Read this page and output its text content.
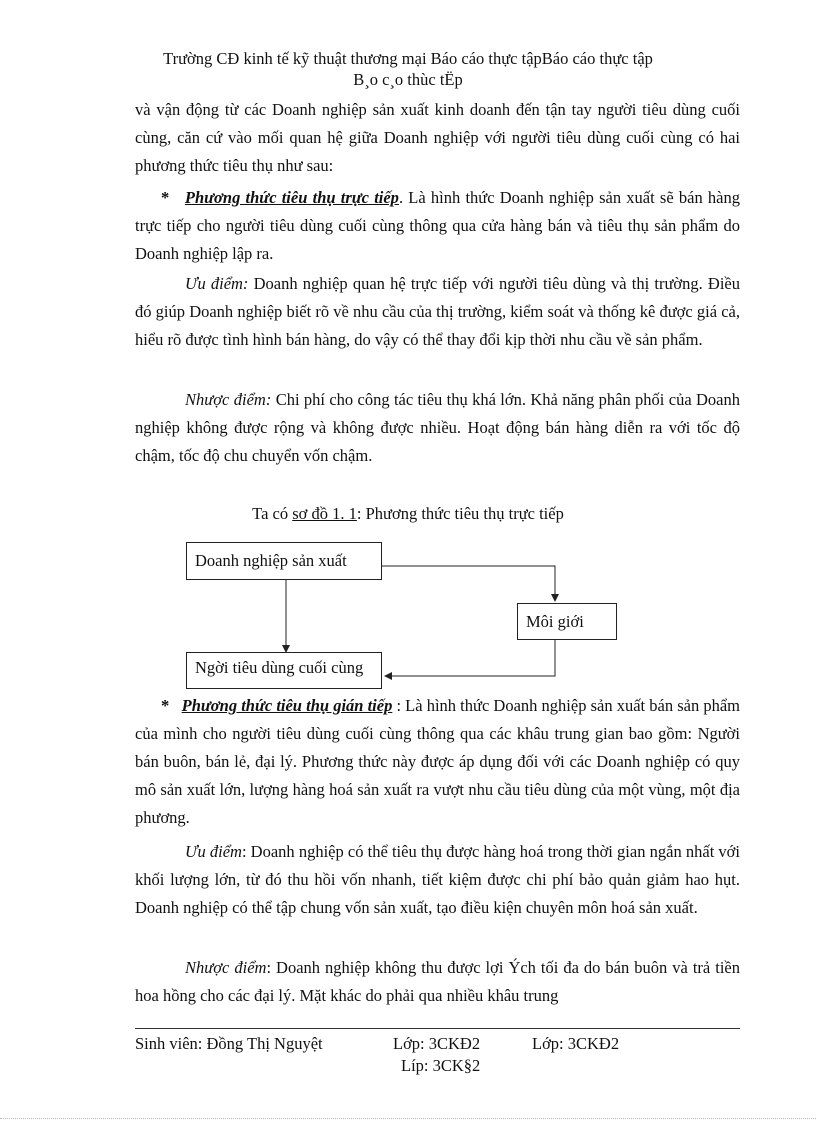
Trường CĐ kinh tế kỹ thuật thương mại Báo cáo thực tậpBáo cáo thực tập
B¸o c¸o thùc tËp

và vận động từ các Doanh nghiệp sản xuất kinh doanh đến tận tay người tiêu dùng cuối cùng, căn cứ vào mối quan hệ giữa Doanh nghiệp với người tiêu dùng cuối cùng có hai phương thức tiêu thụ như sau:

* Phương thức tiêu thụ trực tiếp. Là hình thức Doanh nghiệp sản xuất sẽ bán hàng trực tiếp cho người tiêu dùng cuối cùng thông qua cửa hàng bán và tiêu thụ sản phẩm do Doanh nghiệp lập ra.

Ưu điểm: Doanh nghiệp quan hệ trực tiếp với người tiêu dùng và thị trường. Điều đó giúp Doanh nghiệp biết rõ về nhu cầu của thị trường, kiểm soát và thống kê được giá cả, hiểu rõ được tình hình bán hàng, do vậy có thể thay đổi kịp thời nhu cầu về sản phẩm.

Nhược điểm: Chi phí cho công tác tiêu thụ khá lớn. Khả năng phân phối của Doanh nghiệp không được rộng và không được nhiều. Hoạt động bán hàng diễn ra với tốc độ chậm, tốc độ chu chuyển vốn chậm.

Ta có sơ đồ 1. 1: Phương thức tiêu thụ trực tiếp
Doanh nghiệp sản xuất
Môi giới
Ngời tiêu dùng cuối cùng

* Phương thức tiêu thụ gián tiếp : Là hình thức Doanh nghiệp sản xuất bán sản phẩm của mình cho người tiêu dùng cuối cùng thông qua các khâu trung gian bao gồm: Người bán buôn, bán lẻ, đại lý. Phương thức này được áp dụng đối với các Doanh nghiệp có quy mô sản xuất lớn, lượng hàng hoá sản xuất ra vượt nhu cầu tiêu dùng của một vùng, một địa phương.

Ưu điểm: Doanh nghiệp có thể tiêu thụ được hàng hoá trong thời gian ngắn nhất với khối lượng lớn, từ đó thu hồi vốn nhanh, tiết kiệm được chi phí bảo quản giảm hao hụt. Doanh nghiệp có thể tập chung vốn sản xuất, tạo điều kiện chuyên môn hoá sản xuất.

Nhược điểm: Doanh nghiệp không thu được lợi Ých tối đa do bán buôn và trả tiền hoa hồng cho các đại lý. Mặt khác do phải qua nhiều khâu trung

Sinh viên: Đồng Thị Nguyệt	Lớp: 3CKĐ2	Lớp: 3CKĐ2
Líp: 3CK§2
